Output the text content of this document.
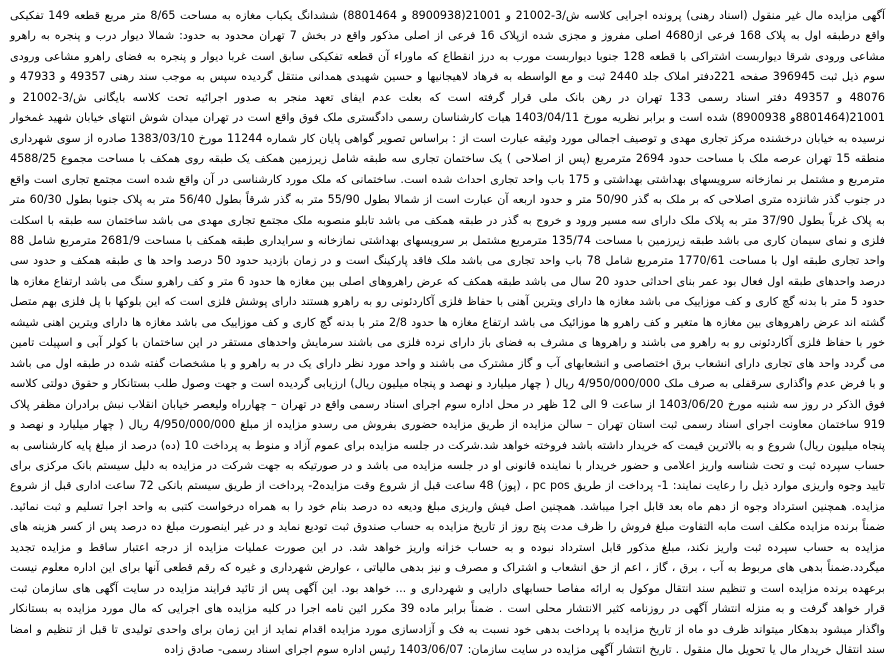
آگهی مزایده مال غیر منقول (اسناد رهنی) پرونده اجرایی کلاسه ش/3-21002 و 21001(8900938 و 8801464) ششدانگ یکباب مغازه به مساحت 8/65 متر مربع قطعه 149 تفکیکی واقع درطبقه اول به پلاک 168 فرعی از4680 اصلی مفروز و مجزی شده ازپلاک 16 فرعی از اصلی مذکور واقع در بخش 7 تهران محدود به حدود: شمالا دیوار درب و پنجره به راهرو مشاعی ورودی شرقا دیواربست اشتراکی با قطعه 128 جنوبا دیواربست مورب به درز انقطاع که ماوراء آن قطعه تفکیکی سابق است غربا دیوار و پنجره به فضای راهرو مشاعی ورودی سوم ذیل ثبت 396945 صفحه 221دفتر املاک جلد 2440 ثبت و مع الواسطه به فرهاد لاهیجانیها و حسین شهیدی همدانی منتقل گردیده سپس به موجب سند رهنی 49357 و 47933 و 48076 و 49357 دفتر اسناد رسمی 133 تهران در رهن بانک ملی قرار گرفته است که بعلت عدم ایفای تعهد منجر به صدور اجرائیه تحت کلاسه بایگانی ش/3-21002 و 21001(8801464و 8900938) شده است و برابر نظریه مورخ 1403/04/11 هیات کارشناسان رسمی دادگستری ملک فوق واقع است در تهران میدان شوش انتهای خیابان شهید غمخوار نرسیده به خیابان درخشنده مرکز تجاری مهدی و توصیف اجمالی مورد وثیقه عبارت است از : براساس تصویر گواهی پایان کار شماره 11244 مورخ 1383/03/10 صادره از سوی شهرداری منطقه 15 تهران عرصه ملک با مساحت حدود 2694 مترمربع (پس از اصلاحی ) یک ساختمان تجاری سه طبقه شامل زیرزمین همکف یک طبقه روی همکف با مساحت مجموع 4588/25 مترمربع و مشتمل بر نمازخانه سرویسهای بهداشتی بهداشتی و 175 باب واحد تجاری احداث شده است. ساختمانی که ملک مورد کارشناسی در آن واقع شده است مجتمع تجاری است واقع در جنوب گذر شانزده متری اصلاحی که بر ملک به گذر 50/90 متر و حدود اربعه آن عبارت است از شمالا بطول 55/90 متر به گذر شرقاً بطول 56/40 متر به پلاک جنوبا بطول 60/30 متر به پلاک غرباً بطول 37/90 متر به پلاک ملک دارای سه مسیر ورود و خروج به گذر در طبقه همکف می باشد تابلو منصوبه ملک مجتمع تجاری مهدی می باشد ساختمان سه طبقه با اسکلت فلزی و نمای سیمان کاری می باشد طبقه زیرزمین با مساحت 135/74 مترمربع مشتمل بر سرویسهای بهداشتی نمازخانه و سرایداری طبقه همکف با مساحت 2681/9 مترمربع شامل 88 واحد تجاری طبقه اول با مساحت 1770/61 مترمربع شامل 78 باب واحد تجاری می باشد ملک فاقد پارکینگ است و در زمان بازدید حدود 50 درصد واحد ها ی طبقه همکف و حدود سی درصد واحدهای طبقه اول فعال بود عمر بنای احداثی حدود 20 سال می باشد طبقه همکف که عرض راهروهای اصلی بین مغازه ها حدود 6 متر و کف راهرو سنگ می باشد ارتفاع مغازه ها حدود 5 متر با بدنه گچ کاری و کف موزاییک می باشد مغازه ها دارای ویترین آهنی با حفاظ فلزی آکاردئونی رو به راهرو هستند دارای پوشش فلزی است که این بلوکها با پل فلزی بهم متصل گشته اند عرض راهروهای بین مغازه ها متغیر و کف راهرو ها موزائیک می باشد ارتفاع مغازه ها حدود 2/8 متر با بدنه گچ کاری و کف موزاییک می باشد مغازه ها دارای ویترین اهنی شیشه خور با حفاظ فلزی آکاردئونی رو به راهرو می باشند و راهروها ی مشرف به فضای باز دارای نرده فلزی می باشند سرمایش واحدهای مستقر در این ساختمان با کولر آبی و اسپیلت تامین می گردد واحد های تجاری دارای انشعاب برق اختصاصی و انشعابهای آب و گاز مشترک می باشند و واحد مورد نظر دارای یک در به راهرو و با مشخصات گفته شده در طبقه اول می باشد و با فرض عدم واگذاری سرقفلی به صرف ملک 4/950/000/000 ریال ( چهار میلیارد و نهصد و پنجاه میلیون ریال) ارزیابی گردیده است و جهت وصول طلب بستانکار و حقوق دولتی کلاسه فوق الذکر در روز سه شنبه مورخ 1403/06/20 از ساعت 9 الی 12 ظهر در محل اداره سوم اجرای اسناد رسمی واقع در تهران – چهارراه ولیعصر خیابان انقلاب نبش برادران مظفر پلاک 919 ساختمان معاونت اجرای اسناد رسمی ثبت استان تهران – سالن مزایده از طریق مزایده حضوری بفروش می رسدو مزایده از مبلغ 4/950/000/000 ریال ( چهار میلیارد و نهصد و پنجاه میلیون ریال) شروع و به بالاترین قیمت که خریدار داشته باشد فروخته خواهد شد.شرکت در جلسه مزایده برای عموم آزاد و منوط به پرداخت 10 (ده) درصد از مبلغ پایه کارشناسی به حساب سپرده ثبت و تحت شناسه واریز اعلامی و حضور خریدار با نماینده قانونی او در جلسه مزایده می باشد و در صورتیکه به جهت شرکت در مزایده به دلیل سیستم بانک مرکزی برای تایید وجوه واریزی موارد ذیل را رعایت نمایند: 1- پرداخت از طریق pc pos ، (پوز) 48 ساعت قبل از شروع وقت مزایده2- پرداخت از طریق سیستم بانکی 72 ساعت اداری قبل از شروع مزایده. همچنین استرداد وجوه از دهم ماه بعد قابل اجرا میباشد. همچنین اصل فیش واریزی مبلغ ودیعه ده درصد بنام خود را به همراه درخواست کتبی به واحد اجرا تسلیم و ثبت نمائید. ضمناً برنده مزایده مکلف است مابه التفاوت مبلغ فروش را ظرف مدت پنج روز از تاریخ مزایده به حساب صندوق ثبت تودیع نماید و در غیر اینصورت مبلغ ده درصد پس از کسر هزینه های مزایده به حساب سپرده ثبت واریز نکند، مبلغ مذکور قابل استرداد نبوده و به حساب خزانه واریز خواهد شد. در این صورت عملیات مزایده از درجه اعتبار ساقط و مزایده تجدید میگردد.ضمناً بدهی های مربوط به آب ، برق ، گاز ، اعم از حق انشعاب و اشتراک و مصرف و نیز بدهی مالیاتی ، عوارض شهرداری و غیره که رقم قطعی آنها برای این اداره معلوم نیست برعهده برنده مزایده است و تنظیم سند انتقال موکول به ارائه مفاصا حسابهای دارایی و شهرداری و ... خواهد بود. این آگهی پس از تائید فرایند مزایده در سایت آگهی های سازمان ثبت قرار خواهد گرفت و به منزله انتشار آگهی در روزنامه کثیر الانتشار محلی است . ضمناً برابر ماده 39 مکرر ائین نامه اجرا در کلیه مزایده های اجرایی که مال مورد مزایده به بستانکار واگذار میشود بدهکار میتواند ظرف دو ماه از تاریخ مزایده با پرداخت بدهی خود نسبت به فک و آزادسازی مورد مزایده اقدام نماید از این زمان برای واحدی تولیدی تا قبل از تنظیم و امضا سند انتقال خریدار مال یا تحویل مال منقول . تاریخ انتشار آگهی مزایده در سایت سازمان: 1403/06/07 رئیس اداره سوم اجرای اسناد رسمی- صادق زاده
